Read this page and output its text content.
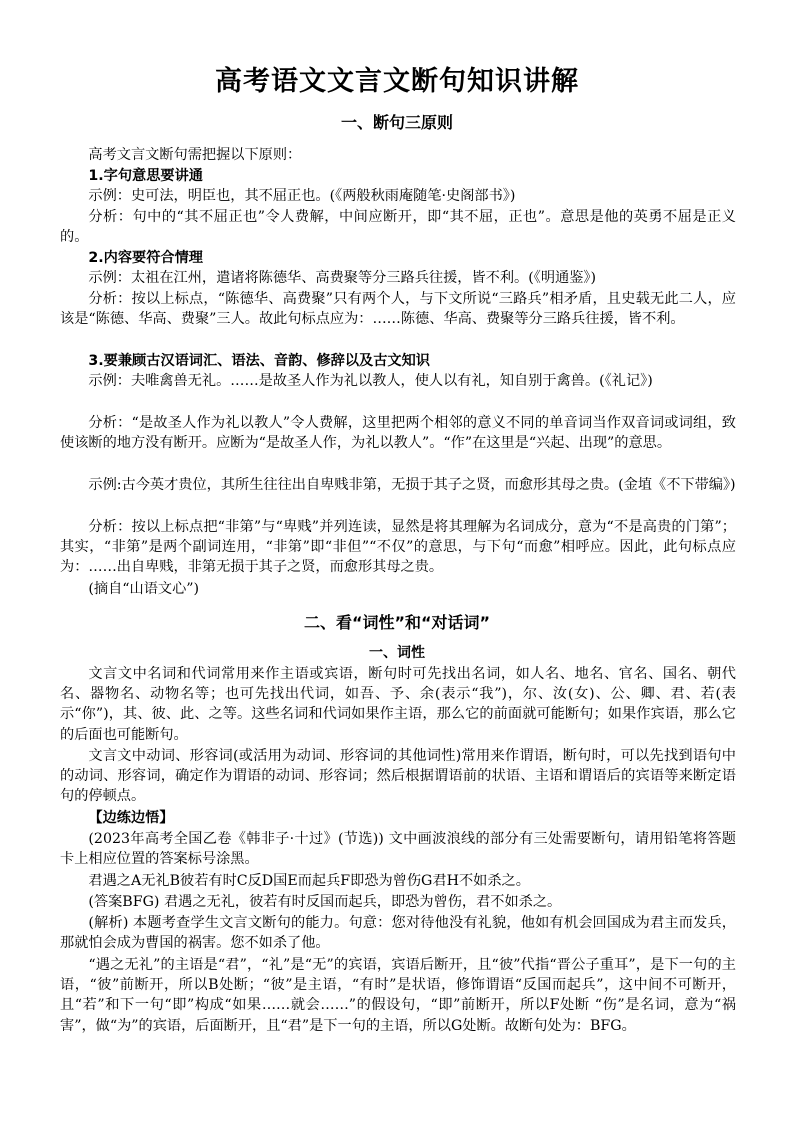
高考语文文言文断句知识讲解
一、断句三原则
高考文言文断句需把握以下原则：
1.字句意思要讲通
示例：史可法，明臣也，其不屈正也。(《两般秋雨庵随笔·史阁部书》)
分析：句中的“其不屈正也”令人费解，中间应断开，即“其不屈，正也”。意思是他的英勇不屈是正义的。
2.内容要符合情理
示例：太祖在江州，遣诸将陈德华、高费聚等分三路兵往援，皆不利。(《明通鉴》)
分析：按以上标点，“陈德华、高费聚”只有两个人，与下文所说“三路兵”相矛盾，且史载无此二人，应该是“陈德、华高、费聚”三人。故此句标点应为：……陈德、华高、费聚等分三路兵往援，皆不利。
3.要兼顾古汉语词汇、语法、音韵、修辞以及古文知识
示例：夫唯禽兽无礼。……是故圣人作为礼以教人，使人以有礼，知自别于禽兽。(《礼记》)
分析：“是故圣人作为礼以教人”令人费解，这里把两个相邻的意义不同的单音词当作双音词或词组，致使该断的地方没有断开。应断为“是故圣人作，为礼以教人”。“作”在这里是“兴起、出现”的意思。
示例:古今英才贵位，其所生往往出自卑贱非第，无损于其子之贤，而愈形其母之贵。(金埴《不下带编》)
分析：按以上标点把“非第”与“卑贱”并列连读，显然是将其理解为名词成分，意为“不是高贵的门第”；其实，“非第”是两个副词连用，“非第”即“非但”“不仅”的意思，与下句“而愈”相呼应。因此，此句标点应为：……出自卑贱，非第无损于其子之贤，而愈形其母之贵。
(摘自“山语文心”)
二、看“词性”和“对话词”
一、词性
文言文中名词和代词常用来作主语或宾语，断句时可先找出名词，如人名、地名、官名、国名、朝代名、器物名、动物名等；也可先找出代词，如吾、予、余(表示“我”)，尔、汝(女)、公、卿、君、若(表示“你”)，其、彼、此、之等。这些名词和代词如果作主语，那么它的前面就可能断句；如果作宾语，那么它的后面也可能断句。
文言文中动词、形容词(或活用为动词、形容词的其他词性)常用来作谓语，断句时，可以先找到语句中的动词、形容词，确定作为谓语的动词、形容词；然后根据谓语前的状语、主语和谓语后的宾语等来断定语句的停顿点。
【边练边悟】
(2023年高考全国乙卷《韩非子·十过》(节选)) 文中画波浪线的部分有三处需要断句，请用铅笔将答题卡上相应位置的答案标号涂黑。
君遇之A无礼B彼若有时C反D国E而起兵F即恐为曾伤G君H不如杀之。
(答案BFG) 君遇之无礼，彼若有时反国而起兵，即恐为曾伤，君不如杀之。
(解析) 本题考查学生文言文断句的能力。句意：您对待他没有礼貌，他如有机会回国成为君主而发兵，那就怕会成为曹国的祸害。您不如杀了他。
“遇之无礼”的主语是“君”，“礼”是“无”的宾语，宾语后断开，且“彼”代指“晋公子重耳”，是下一句的主语，“彼”前断开，所以B处断；“彼”是主语，“有时”是状语，修饰谓语“反国而起兵”，这中间不可断开，且“若”和下一句“即”构成“如果……就会……”的假设句，“即”前断开，所以F处断 “伤”是名词，意为“祸害”，做“为”的宾语，后面断开，且“君”是下一句的主语，所以G处断。故断句处为：BFG。
